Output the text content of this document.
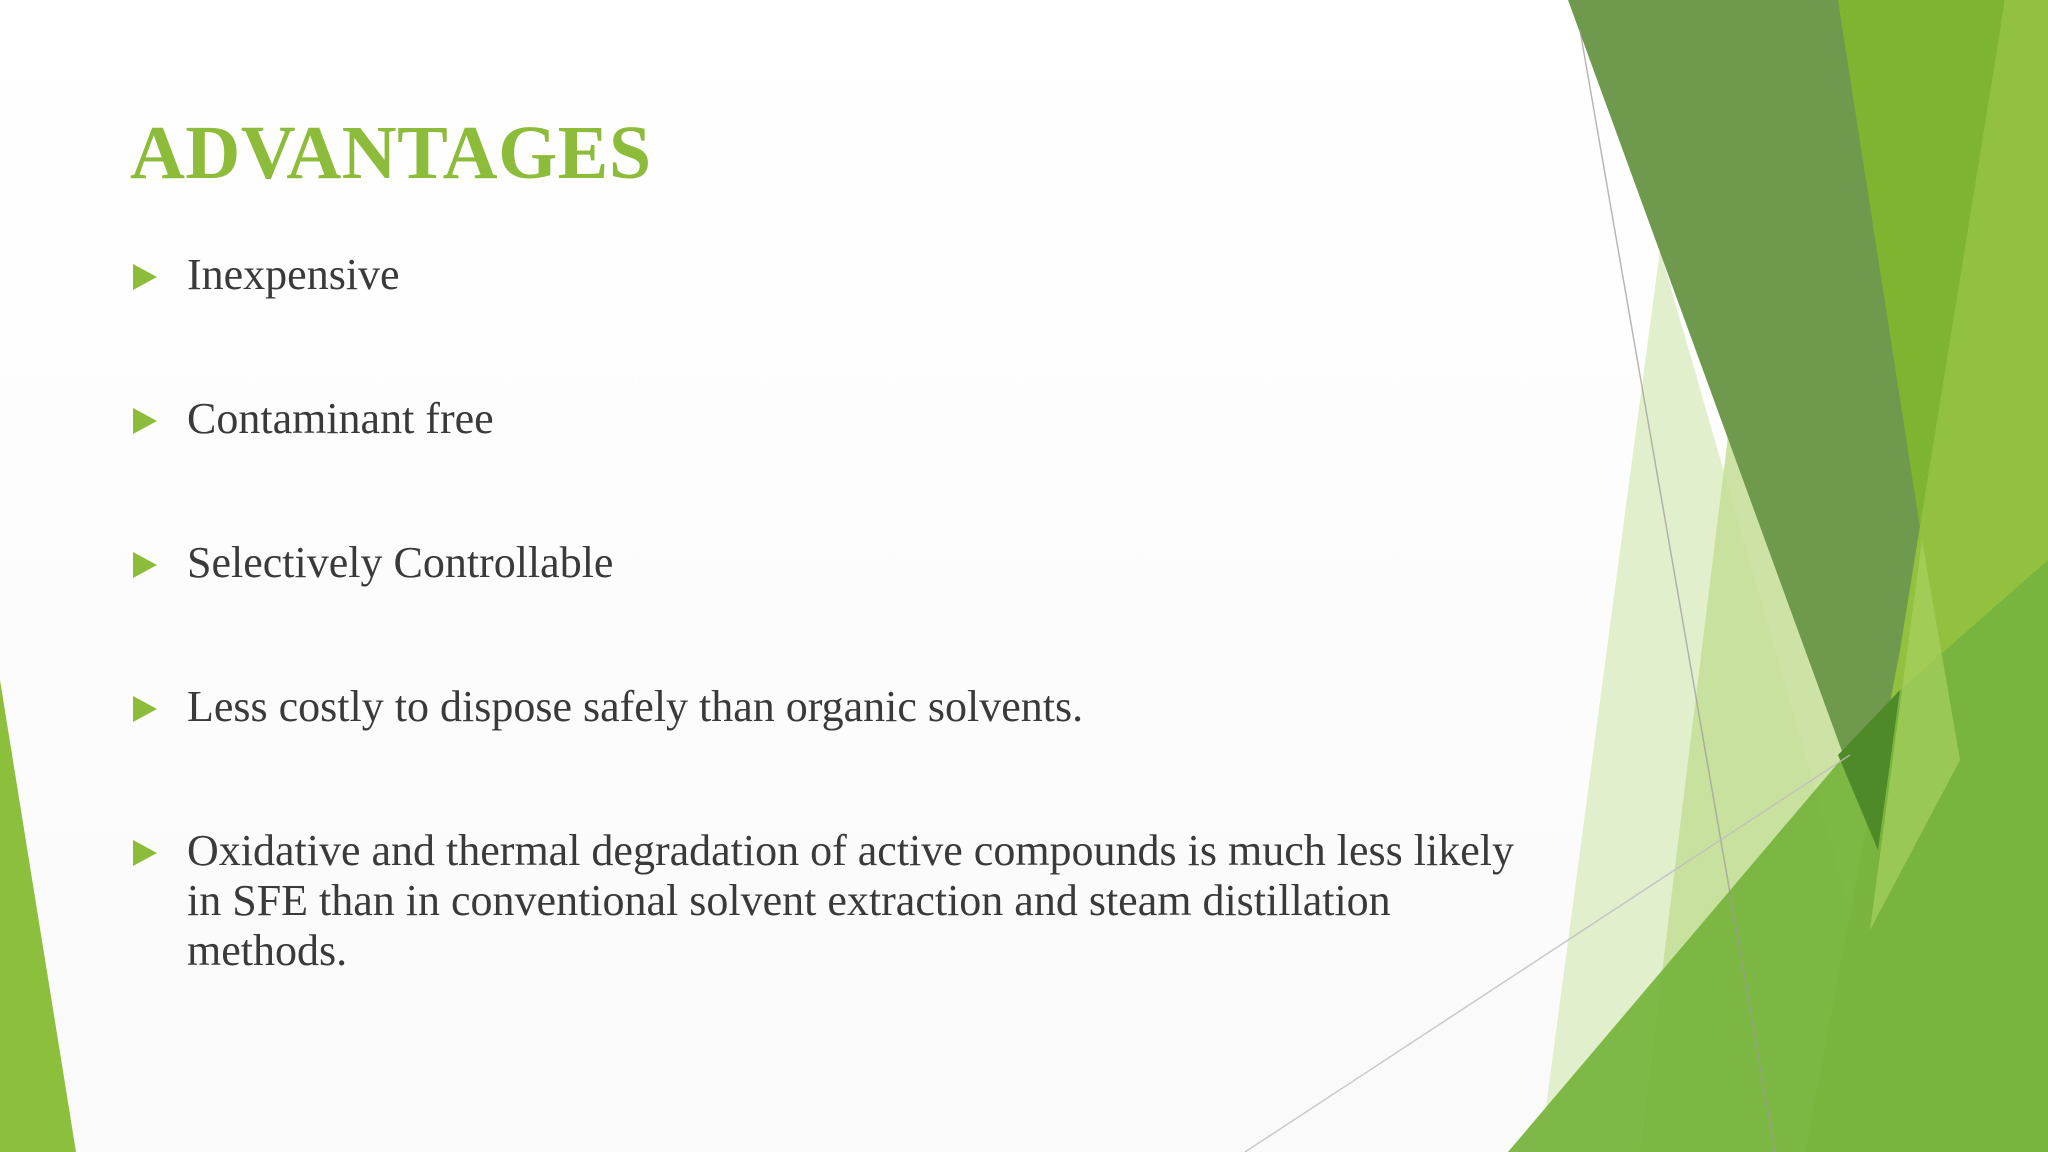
ADVANTAGES
Inexpensive
Contaminant free
Selectively Controllable
Less costly to dispose safely than organic solvents.
Oxidative and thermal degradation of active compounds is much less likely in SFE than in conventional solvent extraction and steam distillation methods.
